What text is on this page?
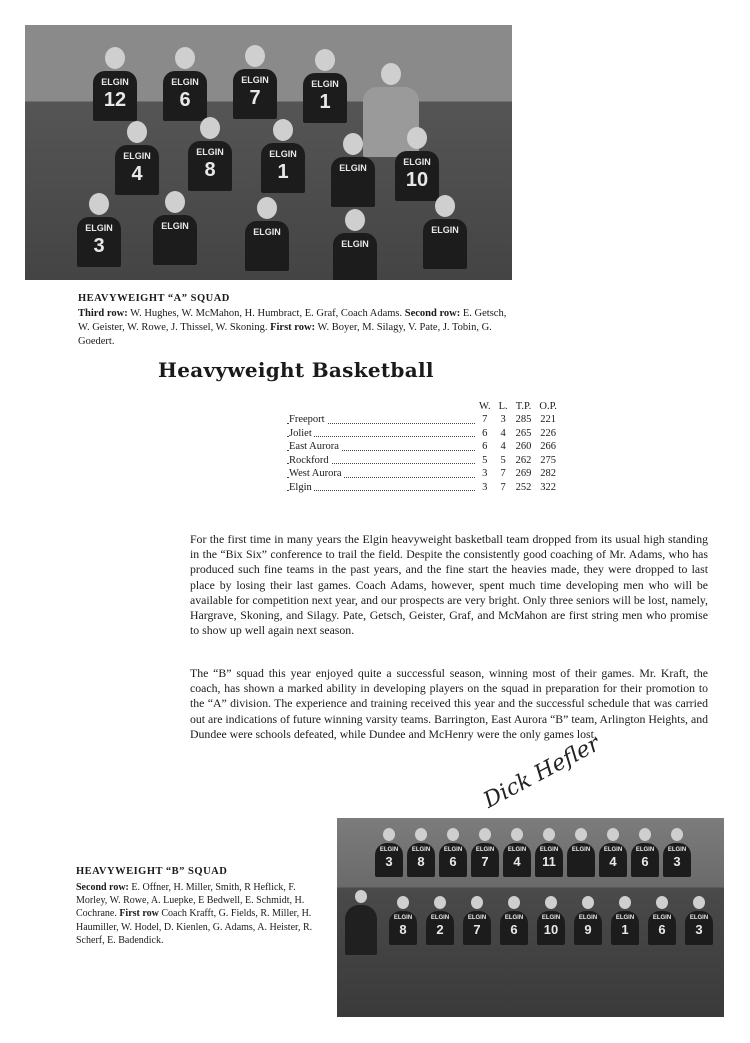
ELGIN
12
ELGIN
6
ELGIN
7
ELGIN
1
ELGIN
4
ELGIN
8
ELGIN
1	ELGIN
ELGIN
10
ELGIN
3
ELGIN
ELGIN
ELGIN
ELGIN
HEAVYWEIGHT “A” SQUAD
Third row: W. Hughes, W. McMahon, H. Humbract, E. Graf, Coach Adams. Second row: E. Getsch, W. Geister, W. Rowe, J. Thissel, W. Skoning. First row: W. Boyer, M. Silagy, V. Pate, J. Tobin, G. Goedert.
Heavyweight Basketball
	W.	L.	T.P.	O.P.

Freeport	7	3	285	221

Joliet	6	4	265	226

East Aurora	6	4	260	266

Rockford	5	5	262	275

West Aurora	3	7	269	282

Elgin	3	7	252	322
For the first time in many years the Elgin heavyweight basketball team dropped from its usual high standing in the “Bix Six” conference to trail the field. Despite the consistently good coaching of Mr. Adams, who has produced such fine teams in the past years, and the fine start the heavies made, they were dropped to last place by losing their last games. Coach Adams, however, spent much time developing men who will be available for competition next year, and our prospects are very bright. Only three seniors will be lost, namely, Hargrave, Skoning, and Silagy. Pate, Getsch, Geister, Graf, and McMahon are first string men who promise to show up well again next season.
The “B” squad this year enjoyed quite a successful season, winning most of their games. Mr. Kraft, the coach, has shown a marked ability in developing players on the squad in preparation for their promotion to the “A” division. The experience and training received this year and the successful schedule that was carried out are indications of future winning varsity teams. Barrington, East Aurora “B” team, Arlington Heights, and Dundee were schools defeated, while Dundee and McHenry were the only games lost.
Dick Hefler
HEAVYWEIGHT “B” SQUAD
Second row: E. Offner, H. Miller, Smith, R Heflick, F. Morley, W. Rowe, A. Luepke, E Bedwell, E. Schmidt, H. Cochrane. First row Coach Krafft, G. Fields, R. Miller, H. Haumiller, W. Hodel, D. Kienlen, G. Adams, A. Heister, R. Scherf, E. Badendick.
ELGIN
3
ELGIN
8
ELGIN
6
ELGIN
7
ELGIN
4
ELGIN
11
ELGIN	ELGIN
4
ELGIN
6
ELGIN
3
ELGIN
8
ELGIN
2
ELGIN
7
ELGIN
6
ELGIN
10
ELGIN
9
ELGIN
1
ELGIN
6
ELGIN
3
